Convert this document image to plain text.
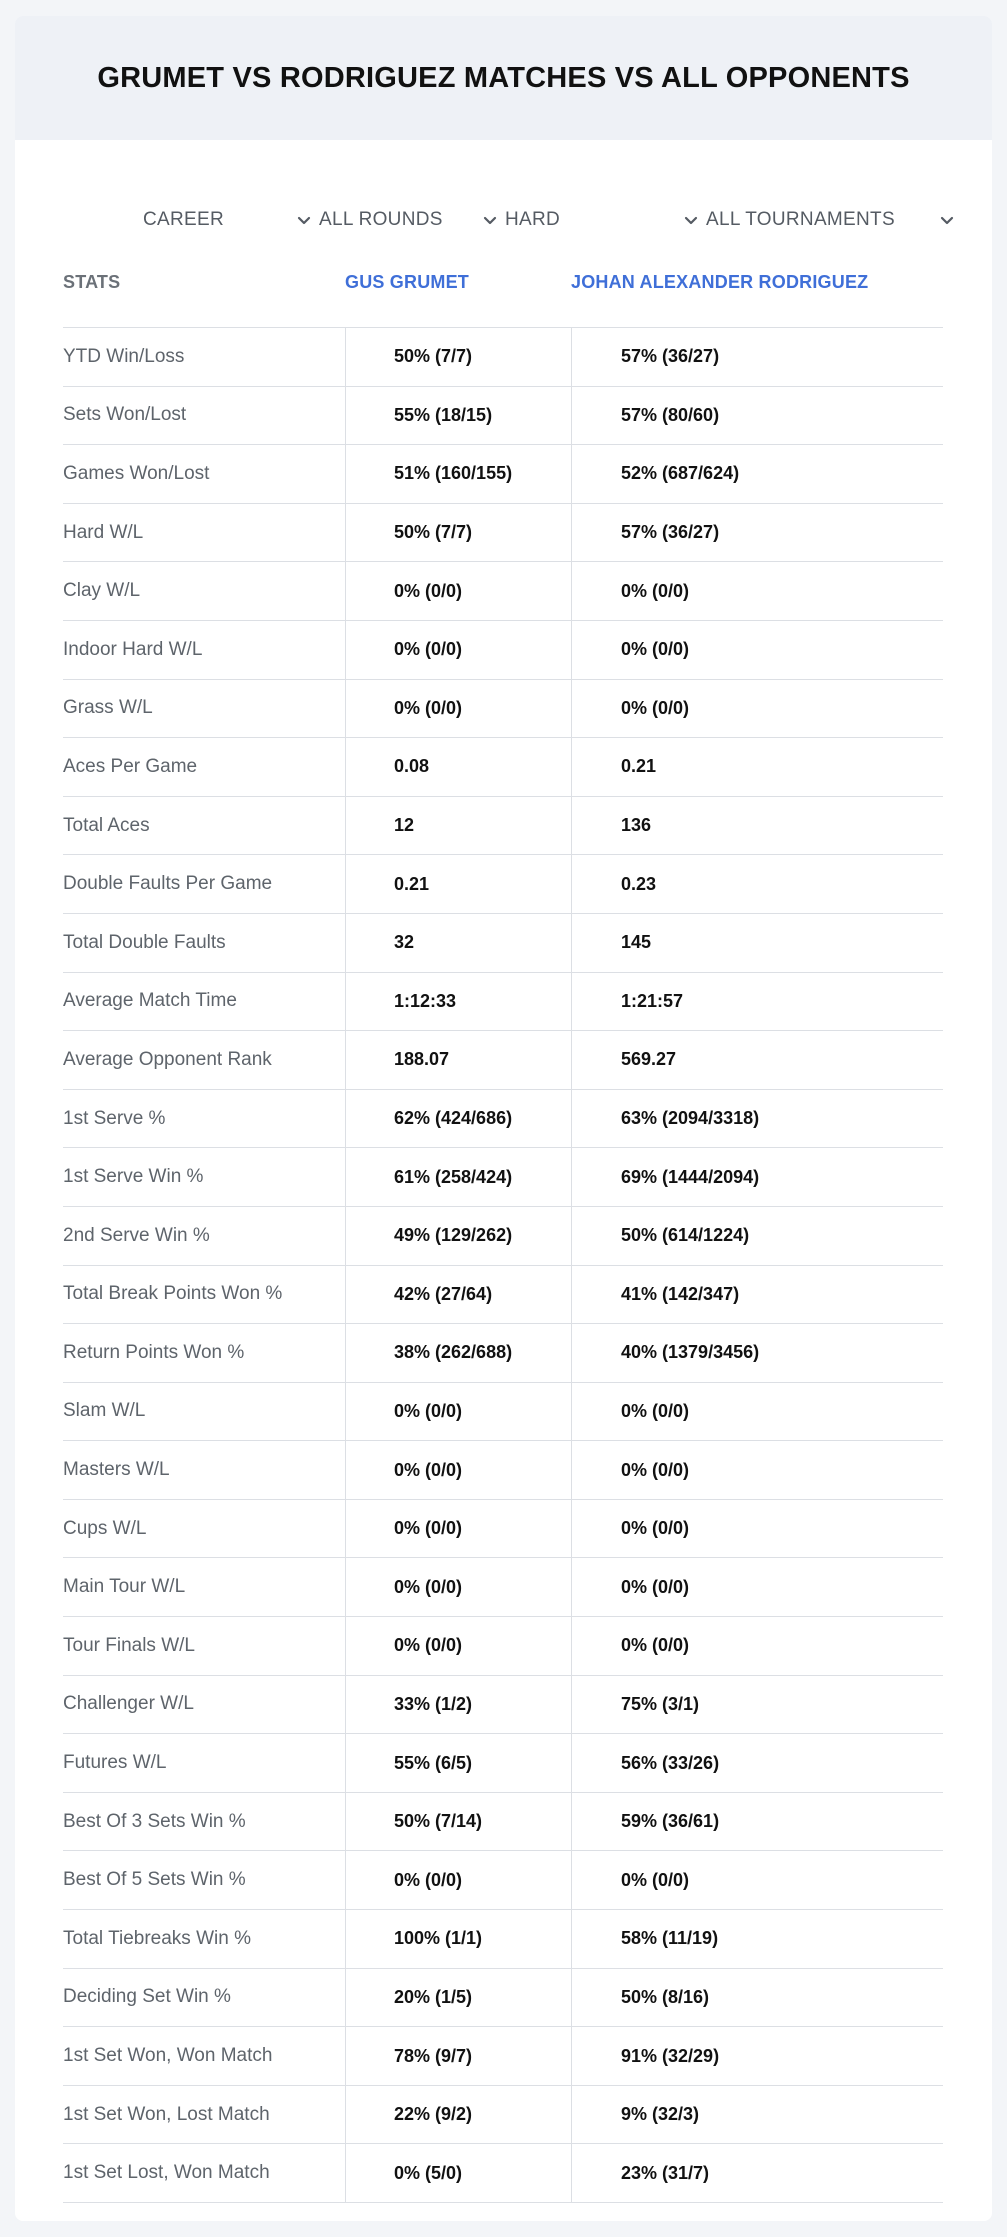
GRUMET VS RODRIGUEZ MATCHES VS ALL OPPONENTS
CAREER	ALL ROUNDS	HARD	ALL TOURNAMENTS
STATS	GUS GRUMET	JOHAN ALEXANDER RODRIGUEZ
YTD Win/Loss	50% (7/7)	57% (36/27)
Sets Won/Lost	55% (18/15)	57% (80/60)
Games Won/Lost	51% (160/155)	52% (687/624)
Hard W/L	50% (7/7)	57% (36/27)
Clay W/L	0% (0/0)	0% (0/0)
Indoor Hard W/L	0% (0/0)	0% (0/0)
Grass W/L	0% (0/0)	0% (0/0)
Aces Per Game	0.08	0.21
Total Aces	12	136
Double Faults Per Game	0.21	0.23
Total Double Faults	32	145
Average Match Time	1:12:33	1:21:57
Average Opponent Rank	188.07	569.27
1st Serve %	62% (424/686)	63% (2094/3318)
1st Serve Win %	61% (258/424)	69% (1444/2094)
2nd Serve Win %	49% (129/262)	50% (614/1224)
Total Break Points Won %	42% (27/64)	41% (142/347)
Return Points Won %	38% (262/688)	40% (1379/3456)
Slam W/L	0% (0/0)	0% (0/0)
Masters W/L	0% (0/0)	0% (0/0)
Cups W/L	0% (0/0)	0% (0/0)
Main Tour W/L	0% (0/0)	0% (0/0)
Tour Finals W/L	0% (0/0)	0% (0/0)
Challenger W/L	33% (1/2)	75% (3/1)
Futures W/L	55% (6/5)	56% (33/26)
Best Of 3 Sets Win %	50% (7/14)	59% (36/61)
Best Of 5 Sets Win %	0% (0/0)	0% (0/0)
Total Tiebreaks Win %	100% (1/1)	58% (11/19)
Deciding Set Win %	20% (1/5)	50% (8/16)
1st Set Won, Won Match	78% (9/7)	91% (32/29)
1st Set Won, Lost Match	22% (9/2)	9% (32/3)
1st Set Lost, Won Match	0% (5/0)	23% (31/7)
